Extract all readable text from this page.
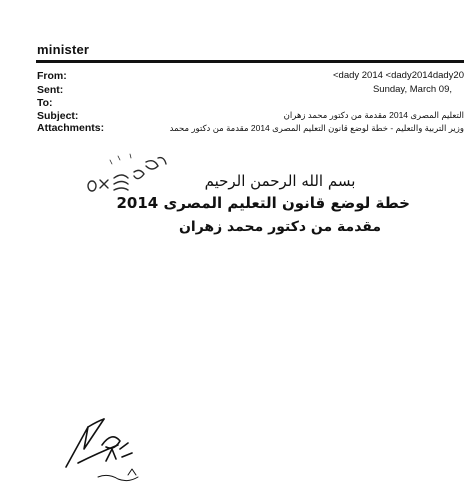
minister
From:	<dady 2014 <dady2014dady20
Sent:	Sunday, March 09,
To:
Subject:	التعليم المصرى 2014 مقدمة من دكتور محمد زهران
Attachments:	وزير التربية والتعليم - خطة لوضع قانون التعليم المصرى 2014 مقدمة من دكتور محمد
بسم الله الرحمن الرحيم
خطة لوضع قانون التعليم المصرى 2014
مقدمة من دكتور محمد زهران
